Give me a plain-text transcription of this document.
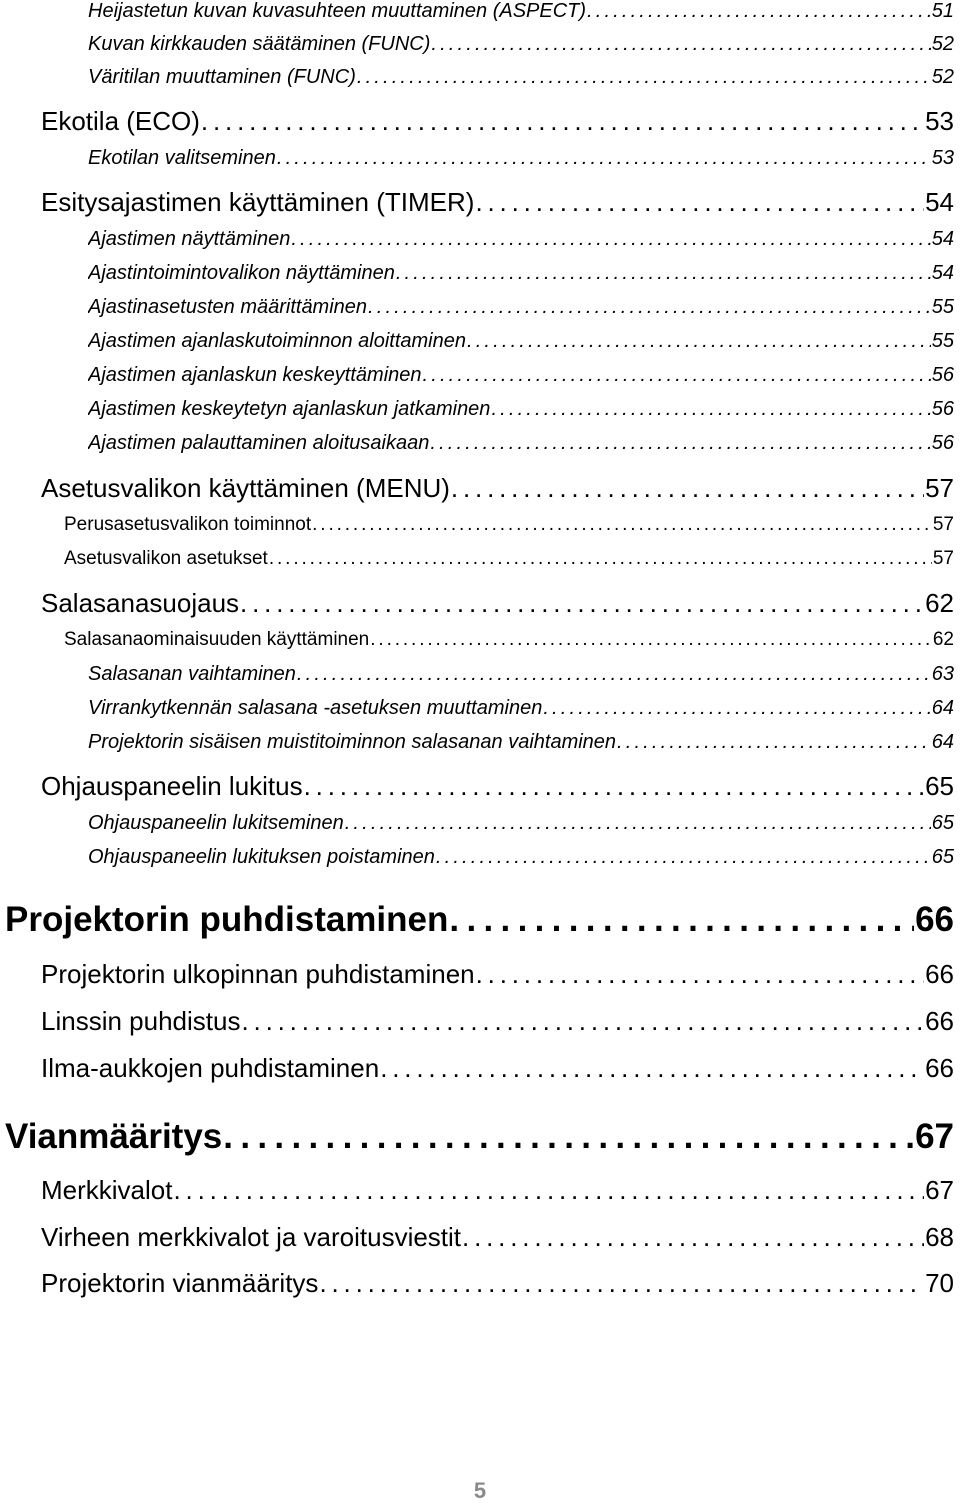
Heijastetun kuvan kuvasuhteen muuttaminen (ASPECT) . . .	51
Kuvan kirkkauden säätäminen (FUNC) . . .	52
Väritilan muuttaminen (FUNC) . . .	52
Ekotila (ECO) . . .	53
Ekotilan valitseminen . . .	53
Esitysajastimen käyttäminen (TIMER) . . .	54
Ajastimen näyttäminen . . .	54
Ajastintoimintovalikon näyttäminen . . .	54
Ajastinasetusten määrittäminen . . .	55
Ajastimen ajanlaskutoiminnon aloittaminen . . .	55
Ajastimen ajanlaskun keskeyttäminen . . .	56
Ajastimen keskeytetyn ajanlaskun jatkaminen . . .	56
Ajastimen palauttaminen aloitusaikaan . . .	56
Asetusvalikon käyttäminen (MENU) . . .	57
Perusasetusvalikon toiminnot . . .	57
Asetusvalikon asetukset . . .	57
Salasanasuojaus . . .	62
Salasanaominaisuuden käyttäminen . . .	62
Salasanan vaihtaminen . . .	63
Virrankytkennän salasana -asetuksen muuttaminen . . .	64
Projektorin sisäisen muistitoiminnon salasanan vaihtaminen . . .	64
Ohjauspaneelin lukitus . . .	65
Ohjauspaneelin lukitseminen . . .	65
Ohjauspaneelin lukituksen poistaminen . . .	65
Projektorin puhdistaminen . . .	66
Projektorin ulkopinnan puhdistaminen . . .	66
Linssin puhdistus . . .	66
Ilma-aukkojen puhdistaminen . . .	66
Vianmääritys . . .	67
Merkkivalot . . .	67
Virheen merkkivalot ja varoitusviestit . . .	68
Projektorin vianmääritys . . .	70
5
